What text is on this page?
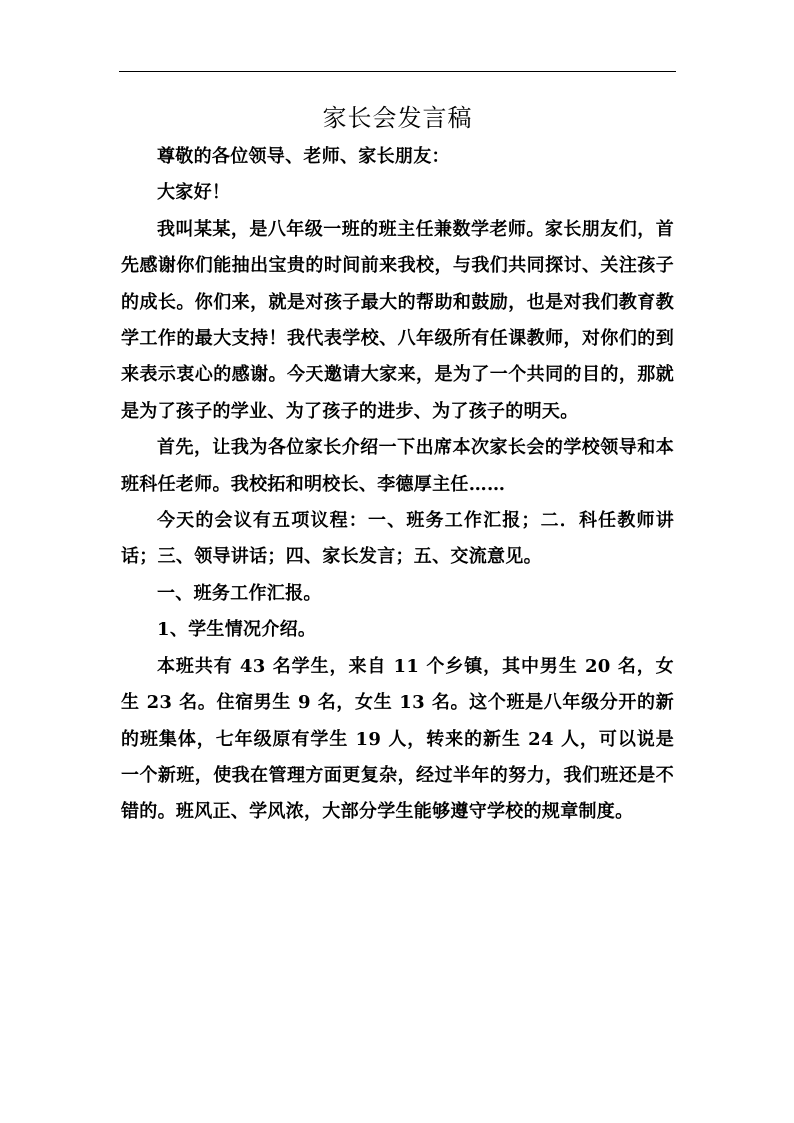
家长会发言稿

尊敬的各位领导、老师、家长朋友：

大家好！

我叫某某，是八年级一班的班主任兼数学老师。家长朋友们，首先感谢你们能抽出宝贵的时间前来我校，与我们共同探讨、关注孩子的成长。你们来，就是对孩子最大的帮助和鼓励，也是对我们教育教学工作的最大支持！我代表学校、八年级所有任课教师，对你们的到来表示衷心的感谢。今天邀请大家来，是为了一个共同的目的，那就是为了孩子的学业、为了孩子的进步、为了孩子的明天。

首先，让我为各位家长介绍一下出席本次家长会的学校领导和本班科任老师。我校拓和明校长、李德厚主任……

今天的会议有五项议程：一、班务工作汇报；二．科任教师讲话；三、领导讲话；四、家长发言；五、交流意见。

一、班务工作汇报。

1、学生情况介绍。

本班共有 43 名学生，来自 11 个乡镇，其中男生 20 名，女生 23 名。住宿男生 9 名，女生 13 名。这个班是八年级分开的新的班集体，七年级原有学生 19 人，转来的新生 24 人，可以说是一个新班，使我在管理方面更复杂，经过半年的努力，我们班还是不错的。班风正、学风浓，大部分学生能够遵守学校的规章制度。
